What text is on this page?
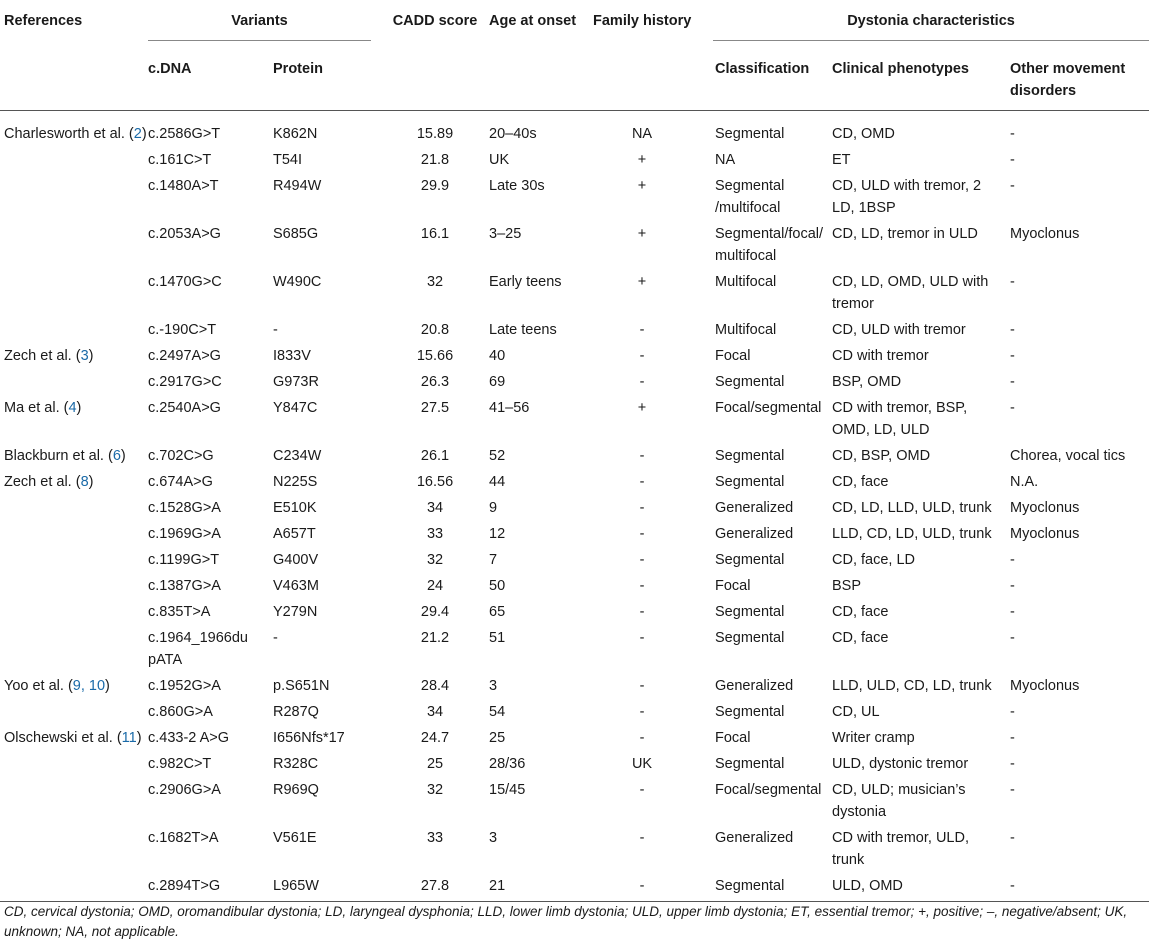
References	Variants	CADD score	Age at onset	Family history	Dystonia characteristics

	c.DNA	Protein				Classification	Clinical phenotypes	Other movement disorders
Charlesworth et al. (2)	c.2586G>T	K862N	15.89	20–40s	NA	Segmental	CD, OMD	-
	c.161C>T	T54I	21.8	UK	+	NA	ET	-
	c.1480A>T	R494W	29.9	Late 30s	+	Segmental /multifocal	CD, ULD with tremor, 2 LD, 1BSP	-
	c.2053A>G	S685G	16.1	3–25	+	Segmental/focal/ multifocal	CD, LD, tremor in ULD	Myoclonus
	c.1470G>C	W490C	32	Early teens	+	Multifocal	CD, LD, OMD, ULD with tremor	-
	c.-190C>T	-	20.8	Late teens	-	Multifocal	CD, ULD with tremor	-
Zech et al. (3)	c.2497A>G	I833V	15.66	40	-	Focal	CD with tremor	-
	c.2917G>C	G973R	26.3	69	-	Segmental	BSP, OMD	-
Ma et al. (4)	c.2540A>G	Y847C	27.5	41–56	+	Focal/segmental	CD with tremor, BSP, OMD, LD, ULD	-
Blackburn et al. (6)	c.702C>G	C234W	26.1	52	-	Segmental	CD, BSP, OMD	Chorea, vocal tics
Zech et al. (8)	c.674A>G	N225S	16.56	44	-	Segmental	CD, face	N.A.
	c.1528G>A	E510K	34	9	-	Generalized	CD, LD, LLD, ULD, trunk	Myoclonus
	c.1969G>A	A657T	33	12	-	Generalized	LLD, CD, LD, ULD, trunk	Myoclonus
	c.1199G>T	G400V	32	7	-	Segmental	CD, face, LD	-
	c.1387G>A	V463M	24	50	-	Focal	BSP	-
	c.835T>A	Y279N	29.4	65	-	Segmental	CD, face	-
	c.1964_1966du pATA	-	21.2	51	-	Segmental	CD, face	-
Yoo et al. (9, 10)	c.1952G>A	p.S651N	28.4	3	-	Generalized	LLD, ULD, CD, LD, trunk	Myoclonus
	c.860G>A	R287Q	34	54	-	Segmental	CD, UL	-
Olschewski et al. (11)	c.433-2 A>G	I656Nfs*17	24.7	25	-	Focal	Writer cramp	-
	c.982C>T	R328C	25	28/36	UK	Segmental	ULD, dystonic tremor	-
	c.2906G>A	R969Q	32	15/45	-	Focal/segmental	CD, ULD; musician’s dystonia	-
	c.1682T>A	V561E	33	3	-	Generalized	CD with tremor, ULD, trunk	-
	c.2894T>G	L965W	27.8	21	-	Segmental	ULD, OMD	-
CD, cervical dystonia; OMD, oromandibular dystonia; LD, laryngeal dysphonia; LLD, lower limb dystonia; ULD, upper limb dystonia; ET, essential tremor; +, positive; –, negative/absent; UK, unknown; NA, not applicable.
